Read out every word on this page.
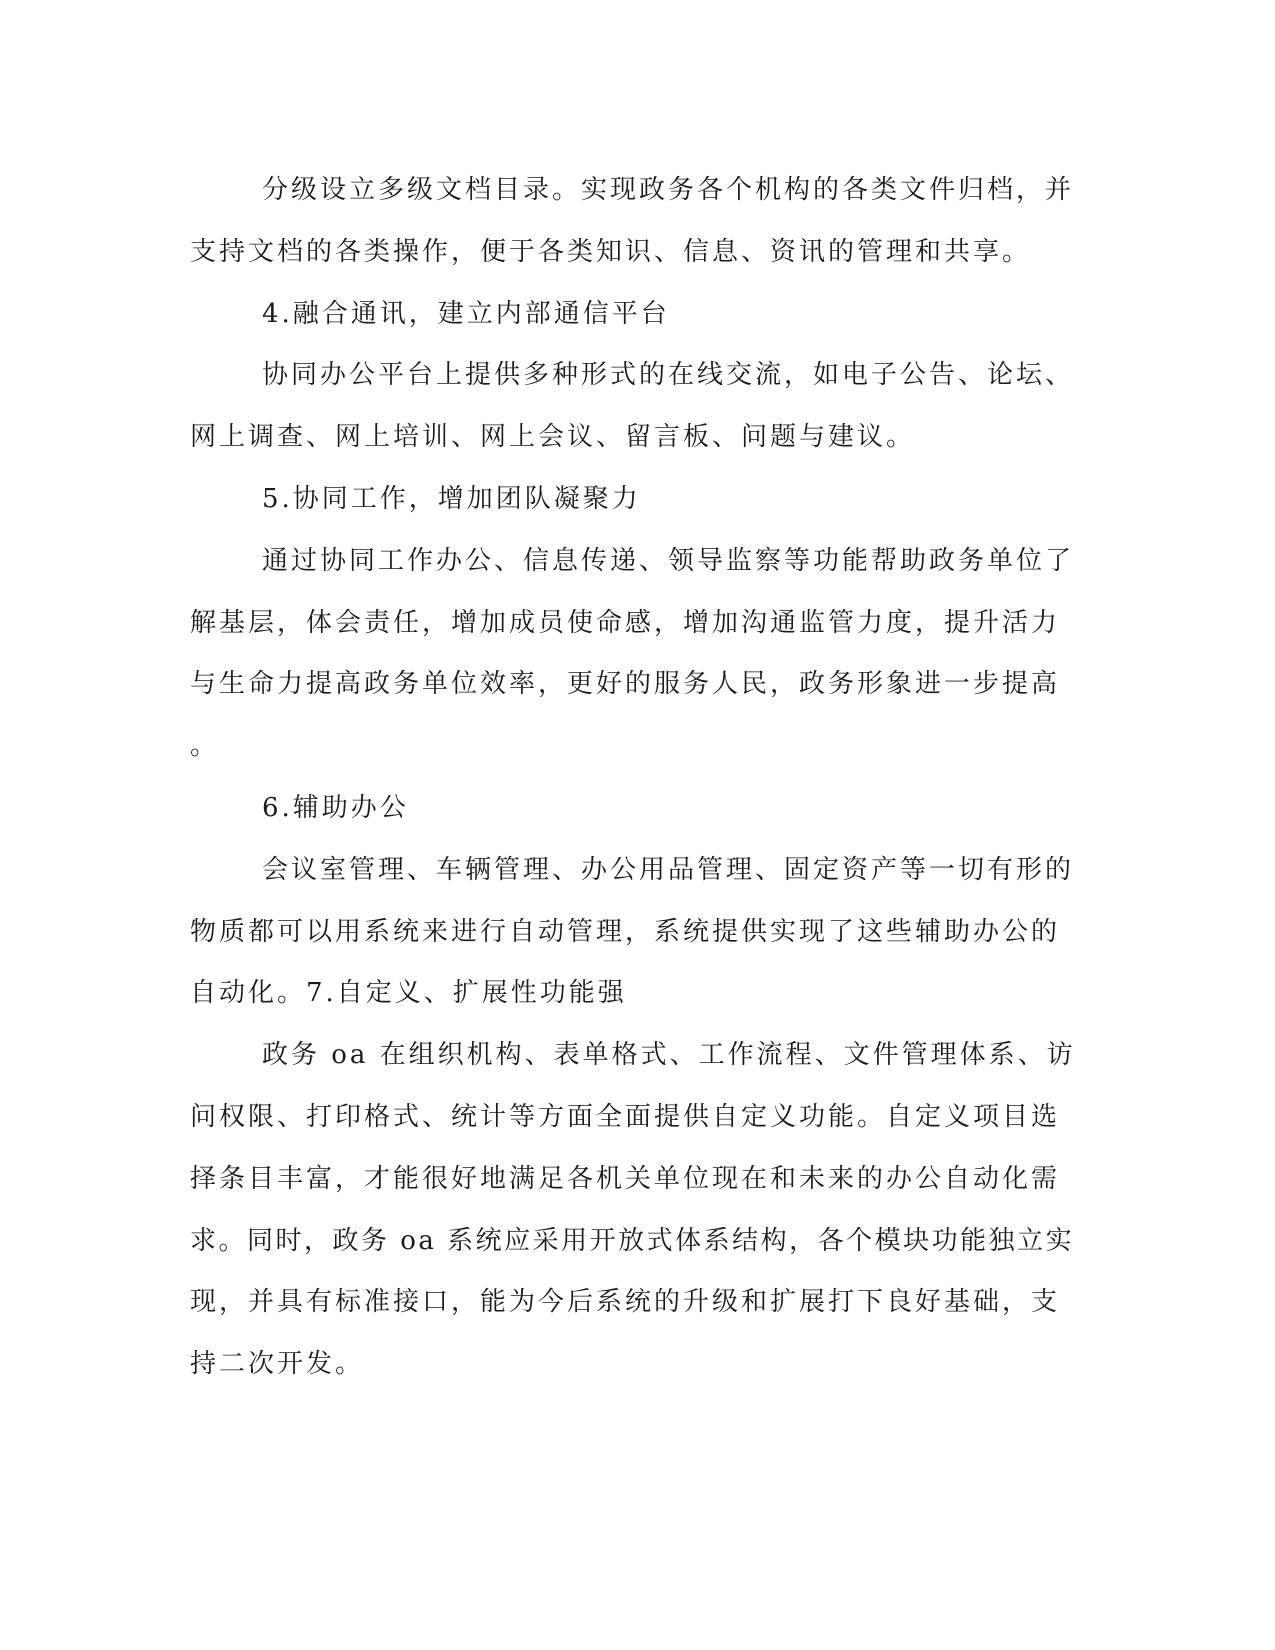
分级设立多级文档目录。实现政务各个机构的各类文件归档，并
支持文档的各类操作，便于各类知识、信息、资讯的管理和共享。
4.融合通讯，建立内部通信平台
协同办公平台上提供多种形式的在线交流，如电子公告、论坛、
网上调查、网上培训、网上会议、留言板、问题与建议。
5.协同工作，增加团队凝聚力
通过协同工作办公、信息传递、领导监察等功能帮助政务单位了
解基层，体会责任，增加成员使命感，增加沟通监管力度，提升活力
与生命力提高政务单位效率，更好的服务人民，政务形象进一步提高
。
6.辅助办公
会议室管理、车辆管理、办公用品管理、固定资产等一切有形的
物质都可以用系统来进行自动管理，系统提供实现了这些辅助办公的
自动化。7.自定义、扩展性功能强
政务 oa 在组织机构、表单格式、工作流程、文件管理体系、访
问权限、打印格式、统计等方面全面提供自定义功能。自定义项目选
择条目丰富，才能很好地满足各机关单位现在和未来的办公自动化需
求。同时，政务 oa 系统应采用开放式体系结构，各个模块功能独立实
现，并具有标准接口，能为今后系统的升级和扩展打下良好基础，支
持二次开发。
